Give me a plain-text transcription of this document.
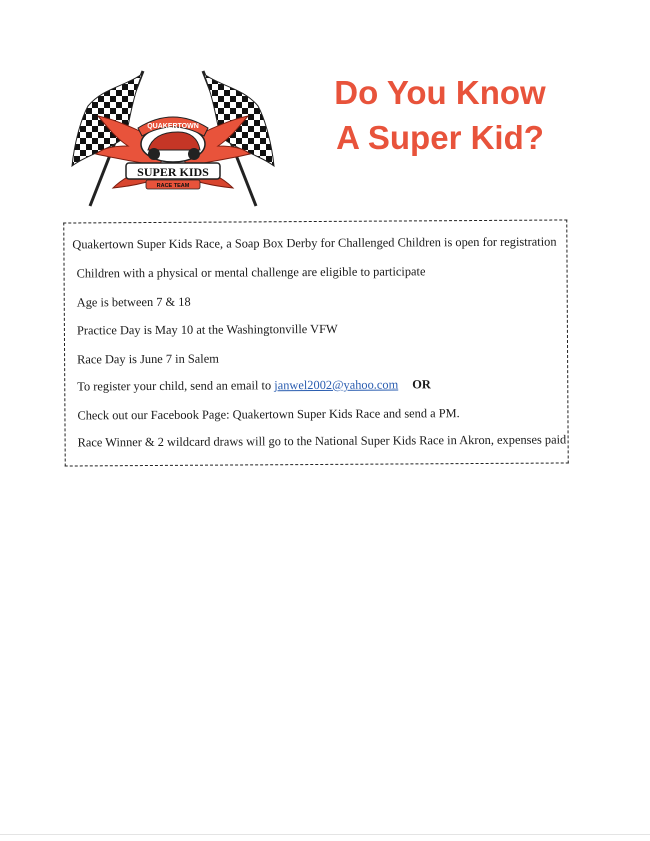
QUAKERTOWN
SUPER KIDS
RACE TEAM
Do You Know
A Super Kid?
Quakertown Super Kids Race, a Soap Box Derby for Challenged Children is open for registration
Children with a physical or mental challenge are eligible to participate
Age is between 7 & 18
Practice Day is May 10 at the Washingtonville VFW
Race Day is June 7 in Salem
To register your child, send an email to janwel2002@yahoo.com OR
Check out our Facebook Page: Quakertown Super Kids Race and send a PM.
Race Winner & 2 wildcard draws will go to the National Super Kids Race in Akron, expenses paid
